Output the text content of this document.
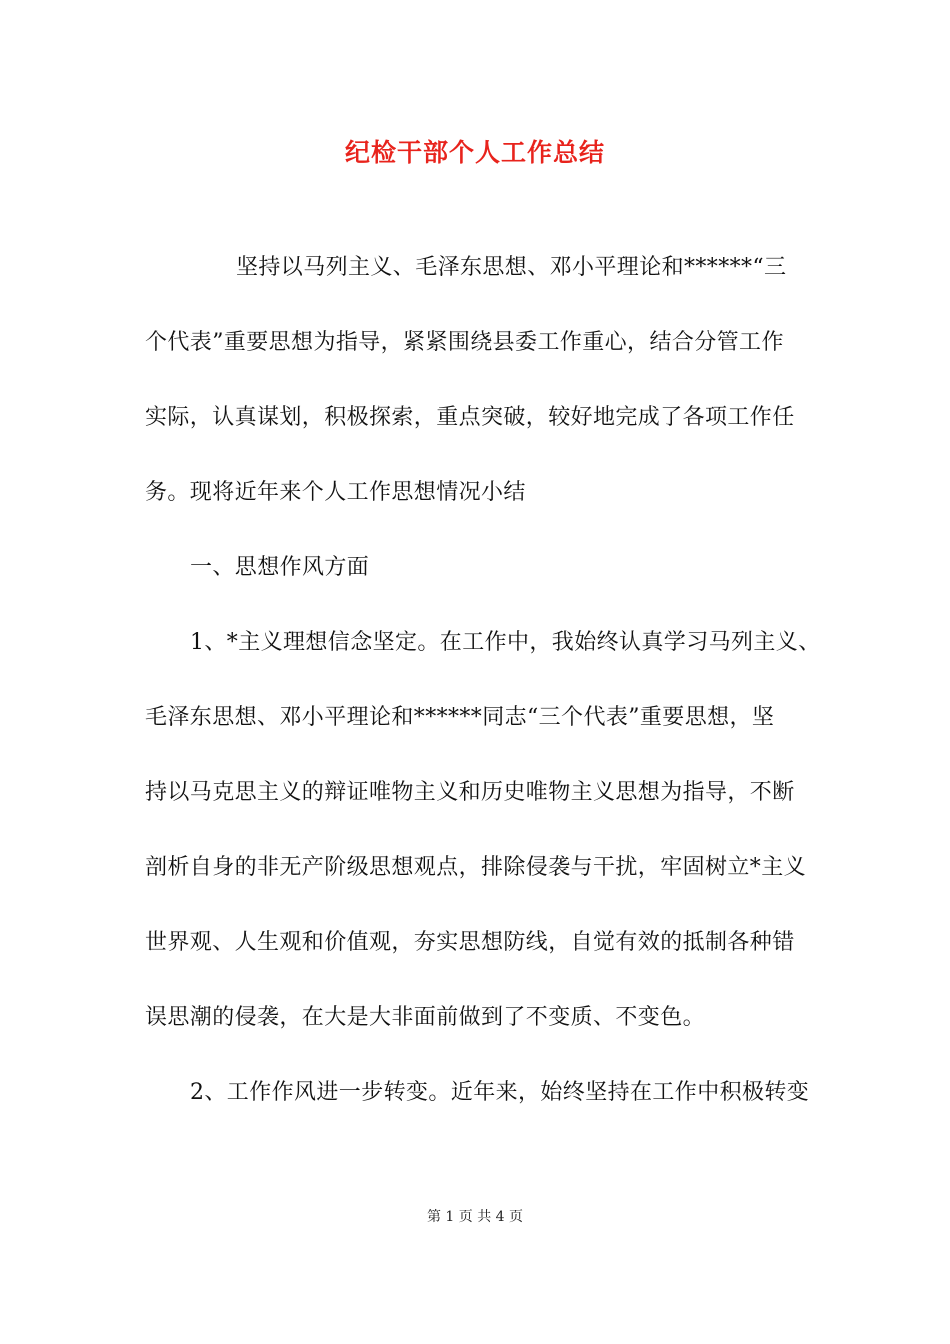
纪检干部个人工作总结
坚持以马列主义、毛泽东思想、邓小平理论和******“三
个代表”重要思想为指导，紧紧围绕县委工作重心，结合分管工作
实际，认真谋划，积极探索，重点突破，较好地完成了各项工作任
务。现将近年来个人工作思想情况小结
一、思想作风方面
1、*主义理想信念坚定。在工作中，我始终认真学习马列主义、
毛泽东思想、邓小平理论和******同志“三个代表”重要思想，坚
持以马克思主义的辩证唯物主义和历史唯物主义思想为指导，不断
剖析自身的非无产阶级思想观点，排除侵袭与干扰，牢固树立*主义
世界观、人生观和价值观，夯实思想防线，自觉有效的抵制各种错
误思潮的侵袭，在大是大非面前做到了不变质、不变色。
2、工作作风进一步转变。近年来，始终坚持在工作中积极转变
第 1 页 共 4 页
